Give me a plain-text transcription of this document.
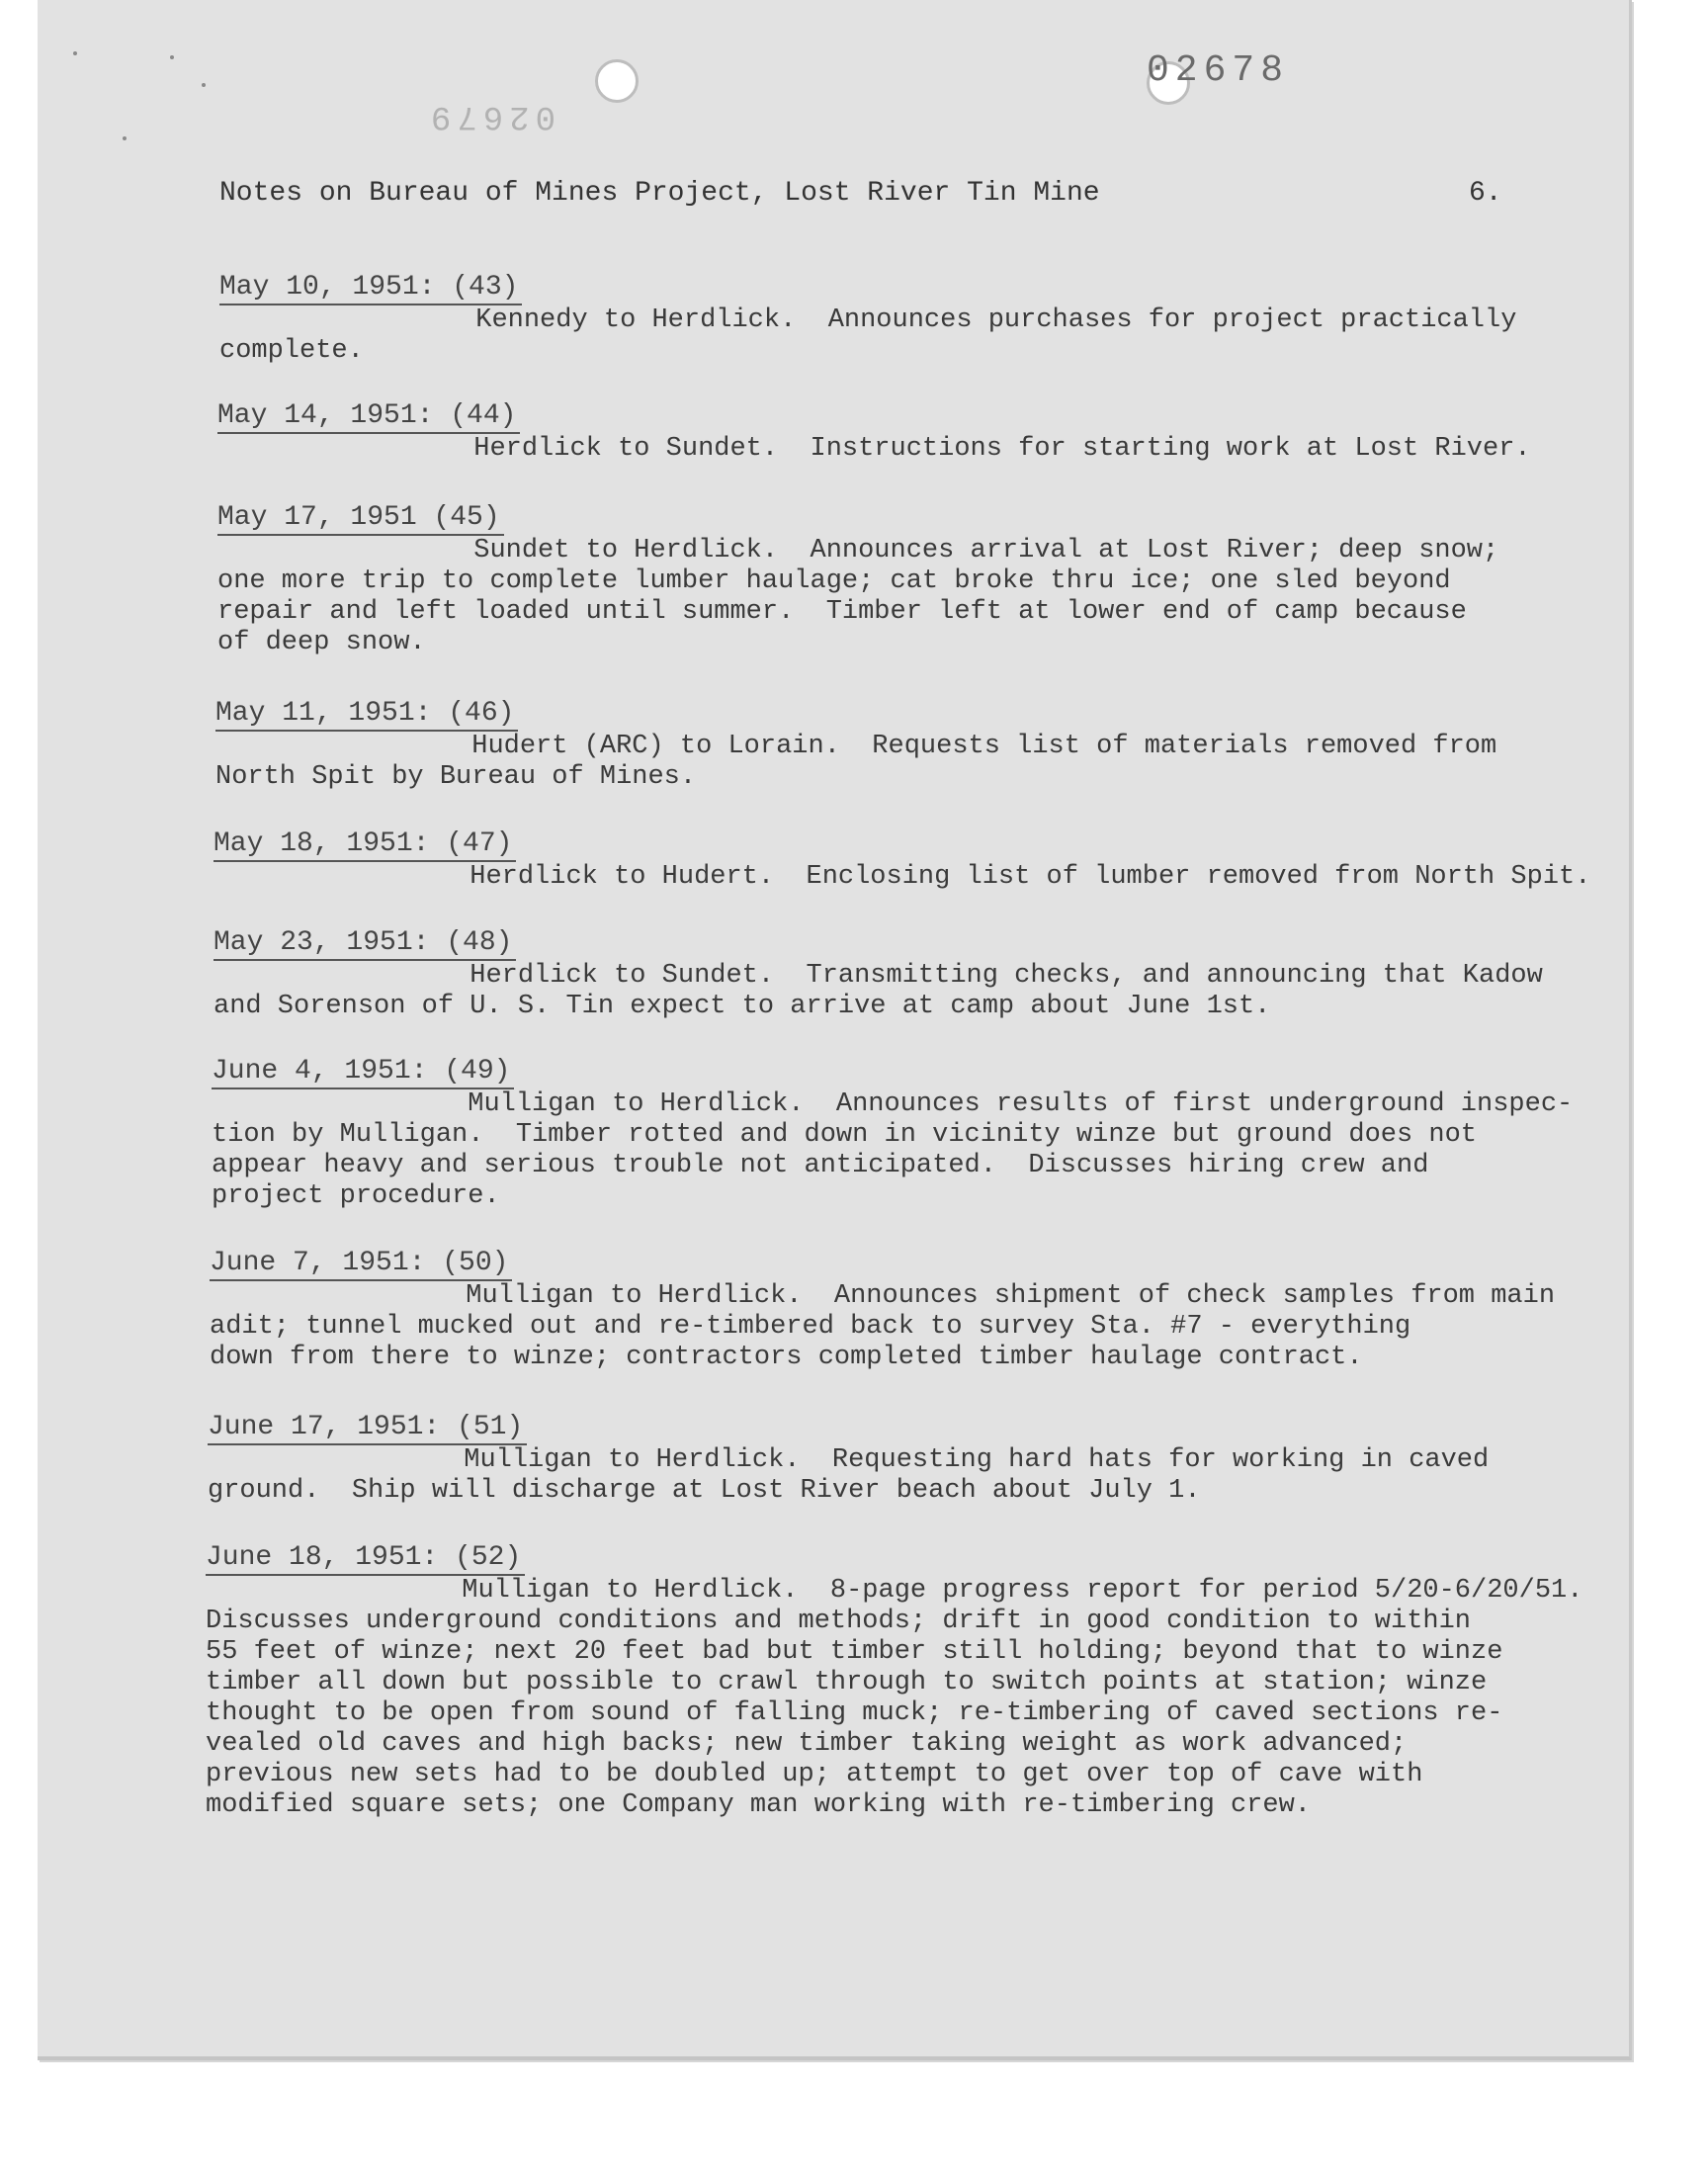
02678
02679
Notes on Bureau of Mines Project, Lost River Tin Mine	6.
May 10, 1951: (43)

Kennedy to Herdlick.  Announces purchases for project practically
complete.

May 14, 1951: (44)

Herdlick to Sundet.  Instructions for starting work at Lost River.

May 17, 1951 (45)

Sundet to Herdlick.  Announces arrival at Lost River; deep snow;
one more trip to complete lumber haulage; cat broke thru ice; one sled beyond
repair and left loaded until summer.  Timber left at lower end of camp because
of deep snow.

May 11, 1951: (46)

Hudert (ARC) to Lorain.  Requests list of materials removed from
North Spit by Bureau of Mines.

May 18, 1951: (47)

Herdlick to Hudert.  Enclosing list of lumber removed from North Spit.

May 23, 1951: (48)

Herdlick to Sundet.  Transmitting checks, and announcing that Kadow
and Sorenson of U. S. Tin expect to arrive at camp about June 1st.

June 4, 1951: (49)

Mulligan to Herdlick.  Announces results of first underground inspec-
tion by Mulligan.  Timber rotted and down in vicinity winze but ground does not
appear heavy and serious trouble not anticipated.  Discusses hiring crew and
project procedure.

June 7, 1951: (50)

Mulligan to Herdlick.  Announces shipment of check samples from main
adit; tunnel mucked out and re-timbered back to survey Sta. #7 - everything
down from there to winze; contractors completed timber haulage contract.

June 17, 1951: (51)

Mulligan to Herdlick.  Requesting hard hats for working in caved
ground.  Ship will discharge at Lost River beach about July 1.

June 18, 1951: (52)

Mulligan to Herdlick.  8-page progress report for period 5/20-6/20/51.
Discusses underground conditions and methods; drift in good condition to within
55 feet of winze; next 20 feet bad but timber still holding; beyond that to winze
timber all down but possible to crawl through to switch points at station; winze
thought to be open from sound of falling muck; re-timbering of caved sections re-
vealed old caves and high backs; new timber taking weight as work advanced;
previous new sets had to be doubled up; attempt to get over top of cave with
modified square sets; one Company man working with re-timbering crew.
